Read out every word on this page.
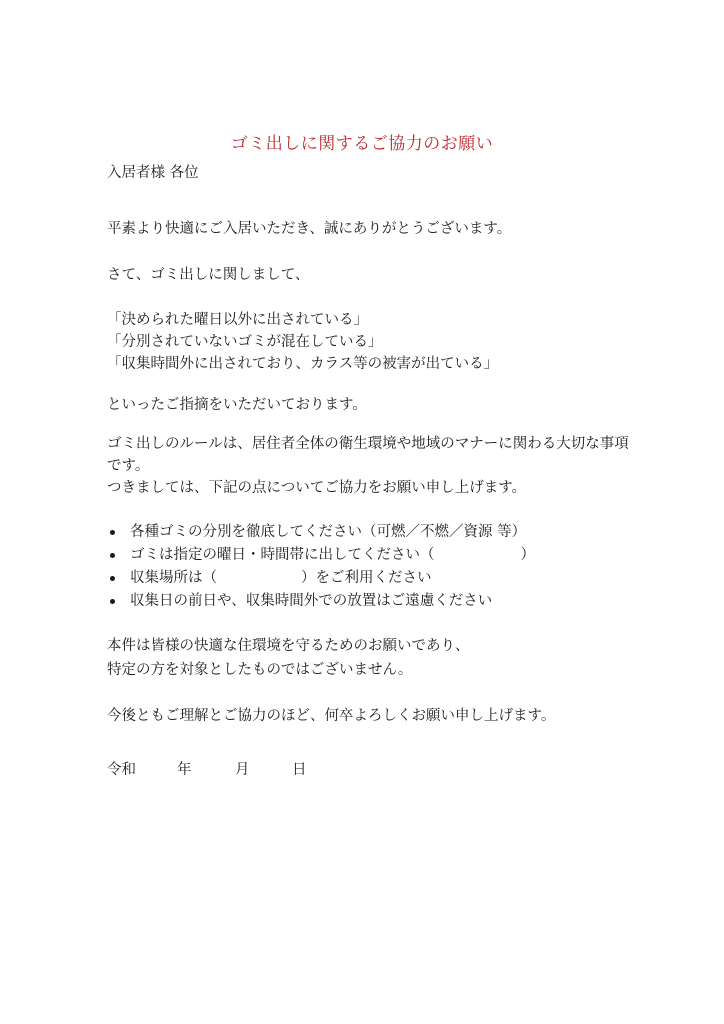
ゴミ出しに関するご協力のお願い
入居者様 各位
平素より快適にご入居いただき、誠にありがとうございます。
さて、ゴミ出しに関しまして、
「決められた曜日以外に出されている」
「分別されていないゴミが混在している」
「収集時間外に出されており、カラス等の被害が出ている」
といったご指摘をいただいております。
ゴミ出しのルールは、居住者全体の衛生環境や地域のマナーに関わる大切な事項
です。
つきましては、下記の点についてご協力をお願い申し上げます。
各種ゴミの分別を徹底してください（可燃／不燃／資源 等）
ゴミは指定の曜日・時間帯に出してください（	）
収集場所は（	）をご利用ください
収集日の前日や、収集時間外での放置はご遠慮ください
本件は皆様の快適な住環境を守るためのお願いであり、
特定の方を対象としたものではございません。
今後ともご理解とご協力のほど、何卒よろしくお願い申し上げます。
令和	年	月	日
